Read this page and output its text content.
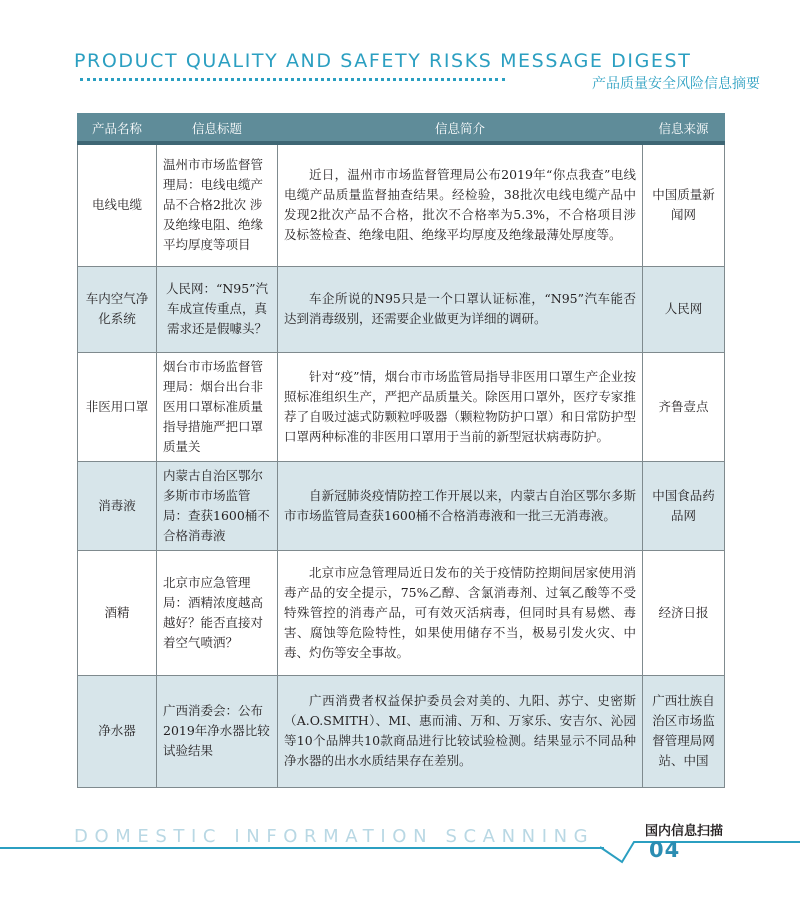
PRODUCT QUALITY AND SAFETY RISKS MESSAGE DIGEST
产品质量安全风险信息摘要
产品名称	信息标题	信息简介	信息来源
电线电缆	温州市市场监督管理局：电线电缆产品不合格2批次 涉及绝缘电阻、绝缘平均厚度等项目	近日，温州市市场监督管理局公布2019年“你点我查”电线电缆产品质量监督抽查结果。经检验，38批次电线电缆产品中发现2批次产品不合格，批次不合格率为5.3%，不合格项目涉及标签检查、绝缘电阻、绝缘平均厚度及绝缘最薄处厚度等。	中国质量新闻网
车内空气净化系统	人民网：“N95”汽车成宣传重点，真需求还是假噱头？	车企所说的N95只是一个口罩认证标准，“N95”汽车能否达到消毒级别，还需要企业做更为详细的调研。	人民网
非医用口罩	烟台市市场监督管理局：烟台出台非医用口罩标准质量指导措施严把口罩质量关	针对“疫”情，烟台市市场监管局指导非医用口罩生产企业按照标准组织生产，严把产品质量关。除医用口罩外，医疗专家推荐了自吸过滤式防颗粒呼吸器（颗粒物防护口罩）和日常防护型口罩两种标准的非医用口罩用于当前的新型冠状病毒防护。	齐鲁壹点
消毒液	内蒙古自治区鄂尔多斯市市场监管局：查获1600桶不合格消毒液	自新冠肺炎疫情防控工作开展以来，内蒙古自治区鄂尔多斯市市场监管局查获1600桶不合格消毒液和一批三无消毒液。	中国食品药品网
酒精	北京市应急管理局：酒精浓度越高越好？能否直接对着空气喷洒？	北京市应急管理局近日发布的关于疫情防控期间居家使用消毒产品的安全提示，75%乙醇、含氯消毒剂、过氧乙酸等不受特殊管控的消毒产品，可有效灭活病毒，但同时具有易燃、毒害、腐蚀等危险特性，如果使用储存不当，极易引发火灾、中毒、灼伤等安全事故。	经济日报
净水器	广西消委会：公布2019年净水器比较试验结果	广西消费者权益保护委员会对美的、九阳、苏宁、史密斯（A.O.SMITH）、MI、惠而浦、万和、万家乐、安吉尔、沁园等10个品牌共10款商品进行比较试验检测。结果显示不同品种净水器的出水水质结果存在差别。	广西壮族自治区市场监督管理局网站、中国
DOMESTIC INFORMATION SCANNING	国内信息扫描
04
